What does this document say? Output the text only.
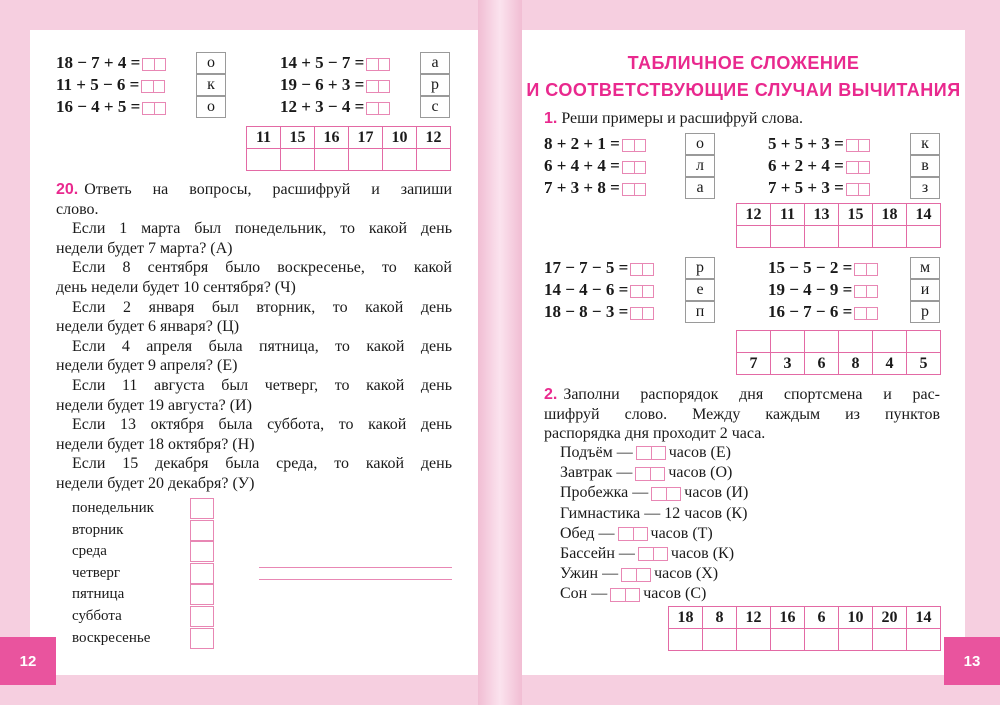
18 − 7 + 4 =	о
11 + 5 − 6 =	к
16 − 4 + 5 =	о
14 + 5 − 7 =	а
19 − 6 + 3 =	р
12 + 3 − 4 =	с
11	15	16	17	10	12

20. Ответь на вопросы, расшифруй и запиши
слово.
Если 1 марта был понедельник, то какой день
недели будет 7 марта? (А)
Если 8 сентября было воскресенье, то какой
день недели будет 10 сентября? (Ч)
Если 2 января был вторник, то какой день
недели будет 6 января? (Ц)
Если 4 апреля была пятница, то какой день
недели будет 9 апреля? (Е)
Если 11 августа был четверг, то какой день
недели будет 19 августа? (И)
Если 13 октября была суббота, то какой день
недели будет 18 октября? (Н)
Если 15 декабря была среда, то какой день
недели будет 20 декабря? (У)
понедельник
вторник
среда
четверг
пятница
суббота
воскресенье
12
ТАБЛИЧНОЕ СЛОЖЕНИЕ
И СООТВЕТСТВУЮЩИЕ СЛУЧАИ ВЫЧИТАНИЯ
1. Реши примеры и расшифруй слова.
8 + 2 + 1 =	о
6 + 4 + 4 =	л
7 + 3 + 8 =	а
5 + 5 + 3 =	к
6 + 2 + 4 =	в
7 + 5 + 3 =	з
12	11	13	15	18	14

17 − 7 − 5 =	р
14 − 4 − 6 =	е
18 − 8 − 3 =	п
15 − 5 − 2 =	м
19 − 4 − 9 =	и
16 − 7 − 6 =	р

7	3	6	8	4	5
2. Заполни распорядок дня спортсмена и рас-
шифруй слово. Между каждым из пунктов
распорядка дня проходит 2 часа.
Подъём — часов (Е)
Завтрак — часов (О)
Пробежка — часов (И)
Гимнастика — 12 часов (К)
Обед — часов (Т)
Бассейн — часов (К)
Ужин — часов (Х)
Сон — часов (С)
18	8	12	16	6	10	20	14

13
